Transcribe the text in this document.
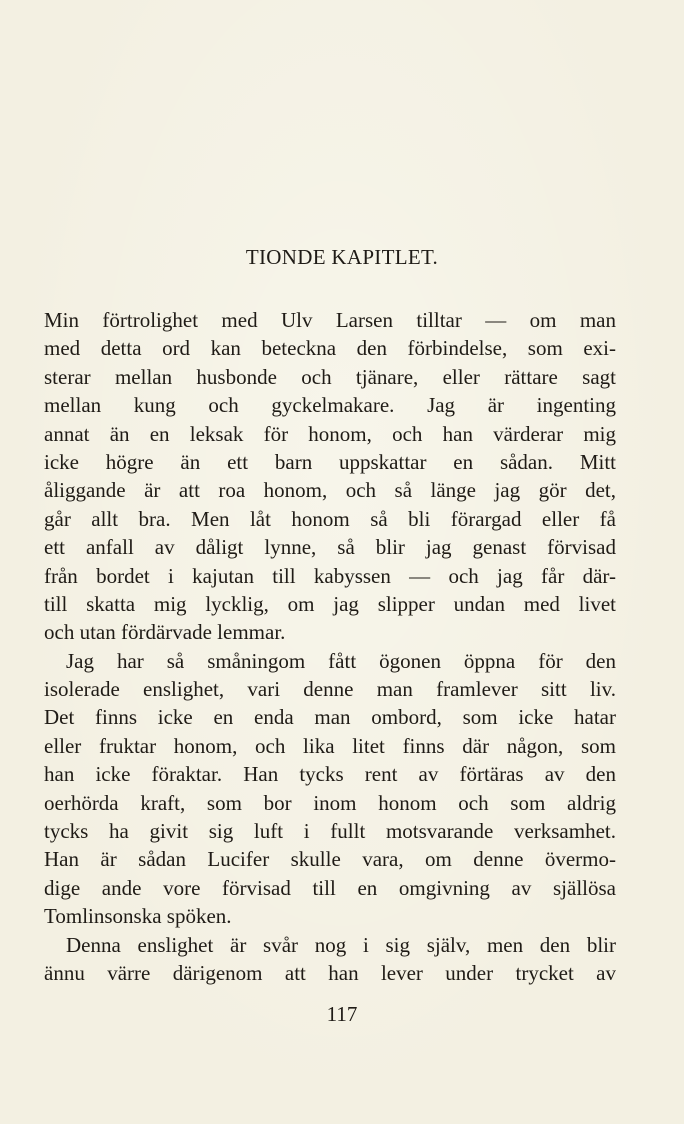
TIONDE KAPITLET.
Min förtrolighet med Ulv Larsen tilltar — om man
med detta ord kan beteckna den förbindelse, som exi-
sterar mellan husbonde och tjänare, eller rättare sagt
mellan kung och gyckelmakare. Jag är ingenting
annat än en leksak för honom, och han värderar mig
icke högre än ett barn uppskattar en sådan. Mitt
åliggande är att roa honom, och så länge jag gör det,
går allt bra. Men låt honom så bli förargad eller få
ett anfall av dåligt lynne, så blir jag genast förvisad
från bordet i kajutan till kabyssen — och jag får där-
till skatta mig lycklig, om jag slipper undan med livet
och utan fördärvade lemmar.
Jag har så småningom fått ögonen öppna för den
isolerade enslighet, vari denne man framlever sitt liv.
Det finns icke en enda man ombord, som icke hatar
eller fruktar honom, och lika litet finns där någon, som
han icke föraktar. Han tycks rent av förtäras av den
oerhörda kraft, som bor inom honom och som aldrig
tycks ha givit sig luft i fullt motsvarande verksamhet.
Han är sådan Lucifer skulle vara, om denne övermo-
dige ande vore förvisad till en omgivning av själlösa
Tomlinsonska spöken.
Denna enslighet är svår nog i sig själv, men den blir
ännu värre därigenom att han lever under trycket av
117
